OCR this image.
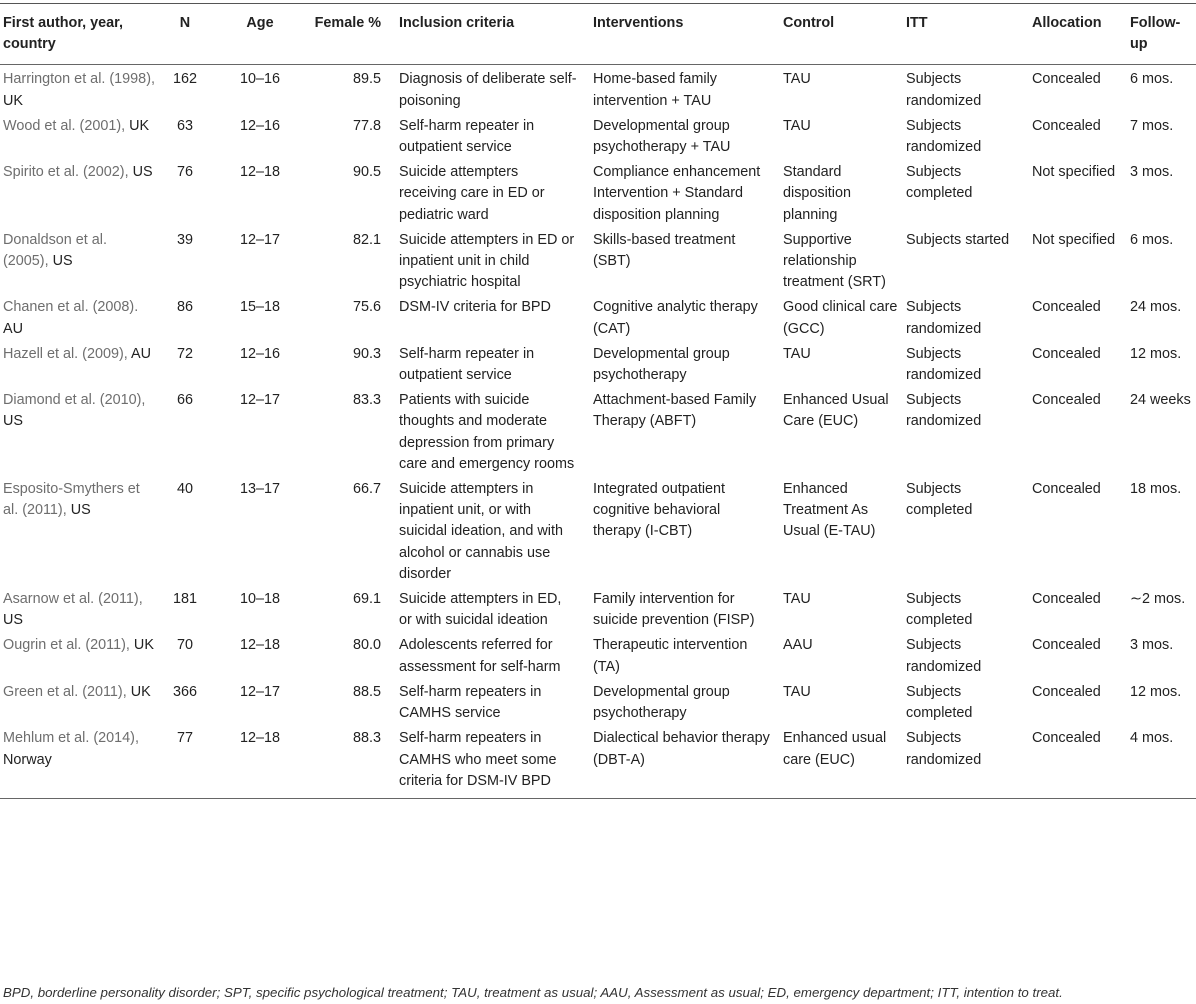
First author, year, country	N	Age	Female %	Inclusion criteria	Interventions	Control	ITT	Allocation	Follow-up
Harrington et al. (1998), UK	162	10–16	89.5	Diagnosis of deliberate self-poisoning	Home-based family intervention + TAU	TAU	Subjects randomized	Concealed	6 mos.
Wood et al. (2001), UK	63	12–16	77.8	Self-harm repeater in outpatient service	Developmental group psychotherapy + TAU	TAU	Subjects randomized	Concealed	7 mos.
Spirito et al. (2002), US	76	12–18	90.5	Suicide attempters receiving care in ED or pediatric ward	Compliance enhancement Intervention + Standard disposition planning	Standard disposition planning	Subjects completed	Not specified	3 mos.
Donaldson et al. (2005), US	39	12–17	82.1	Suicide attempters in ED or inpatient unit in child psychiatric hospital	Skills-based treatment (SBT)	Supportive relationship treatment (SRT)	Subjects started	Not specified	6 mos.
Chanen et al. (2008). AU	86	15–18	75.6	DSM-IV criteria for BPD	Cognitive analytic therapy (CAT)	Good clinical care (GCC)	Subjects randomized	Concealed	24 mos.
Hazell et al. (2009), AU	72	12–16	90.3	Self-harm repeater in outpatient service	Developmental group psychotherapy	TAU	Subjects randomized	Concealed	12 mos.
Diamond et al. (2010), US	66	12–17	83.3	Patients with suicide thoughts and moderate depression from primary care and emergency rooms	Attachment-based Family Therapy (ABFT)	Enhanced Usual Care (EUC)	Subjects randomized	Concealed	24 weeks
Esposito-Smythers et al. (2011), US	40	13–17	66.7	Suicide attempters in inpatient unit, or with suicidal ideation, and with alcohol or cannabis use disorder	Integrated outpatient cognitive behavioral therapy (I-CBT)	Enhanced Treatment As Usual (E-TAU)	Subjects completed	Concealed	18 mos.
Asarnow et al. (2011), US	181	10–18	69.1	Suicide attempters in ED, or with suicidal ideation	Family intervention for suicide prevention (FISP)	TAU	Subjects completed	Concealed	∼2 mos.
Ougrin et al. (2011), UK	70	12–18	80.0	Adolescents referred for assessment for self-harm	Therapeutic intervention (TA)	AAU	Subjects randomized	Concealed	3 mos.
Green et al. (2011), UK	366	12–17	88.5	Self-harm repeaters in CAMHS service	Developmental group psychotherapy	TAU	Subjects completed	Concealed	12 mos.
Mehlum et al. (2014), Norway	77	12–18	88.3	Self-harm repeaters in CAMHS who meet some criteria for DSM-IV BPD	Dialectical behavior therapy (DBT-A)	Enhanced usual care (EUC)	Subjects randomized	Concealed	4 mos.
BPD, borderline personality disorder; SPT, specific psychological treatment; TAU, treatment as usual; AAU, Assessment as usual; ED, emergency department; ITT, intention to treat.
